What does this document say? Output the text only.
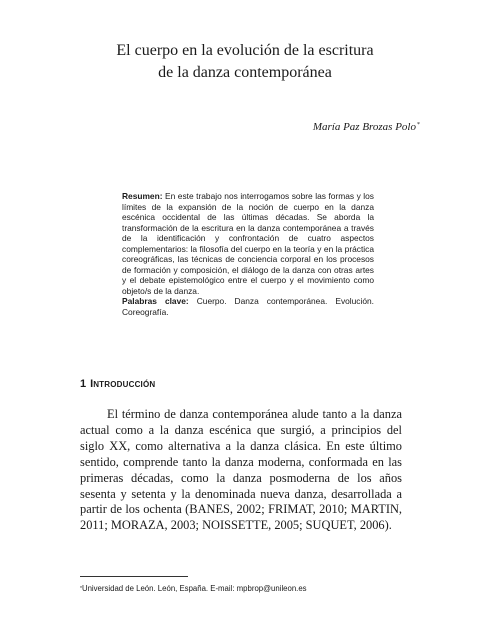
El cuerpo en la evolución de la escritura
de la danza contemporánea

María Paz Brozas Polo*

Resumen: En este trabajo nos interrogamos sobre las formas y los límites de la expansión de la noción de cuerpo en la danza escénica occidental de las últimas décadas. Se aborda la transformación de la escritura en la danza contemporánea a través de la identificación y confrontación de cuatro aspectos complementarios: la filosofía del cuerpo en la teoría y en la práctica coreográficas, las técnicas de conciencia corporal en los procesos de formación y composición, el diálogo de la danza con otras artes y el debate epistemológico entre el cuerpo y el movimiento como objeto/s de la danza.

Palabras clave: Cuerpo. Danza contemporánea. Evolución. Coreografía.

1 INTRODUCCIÓN

El término de danza contemporánea alude tanto a la danza actual como a la danza escénica que surgió, a principios del siglo XX, como alternativa a la danza clásica. En este último sentido, comprende tanto la danza moderna, conformada en las primeras décadas, como la danza posmoderna de los años sesenta y setenta y la denominada nueva danza, desarrollada a partir de los ochenta (BANES, 2002; FRIMAT, 2010; MARTIN, 2011; MORAZA, 2003; NOISSETTE, 2005; SUQUET, 2006).

*Universidad de León. León, España. E-mail: mpbrop@unileon.es
